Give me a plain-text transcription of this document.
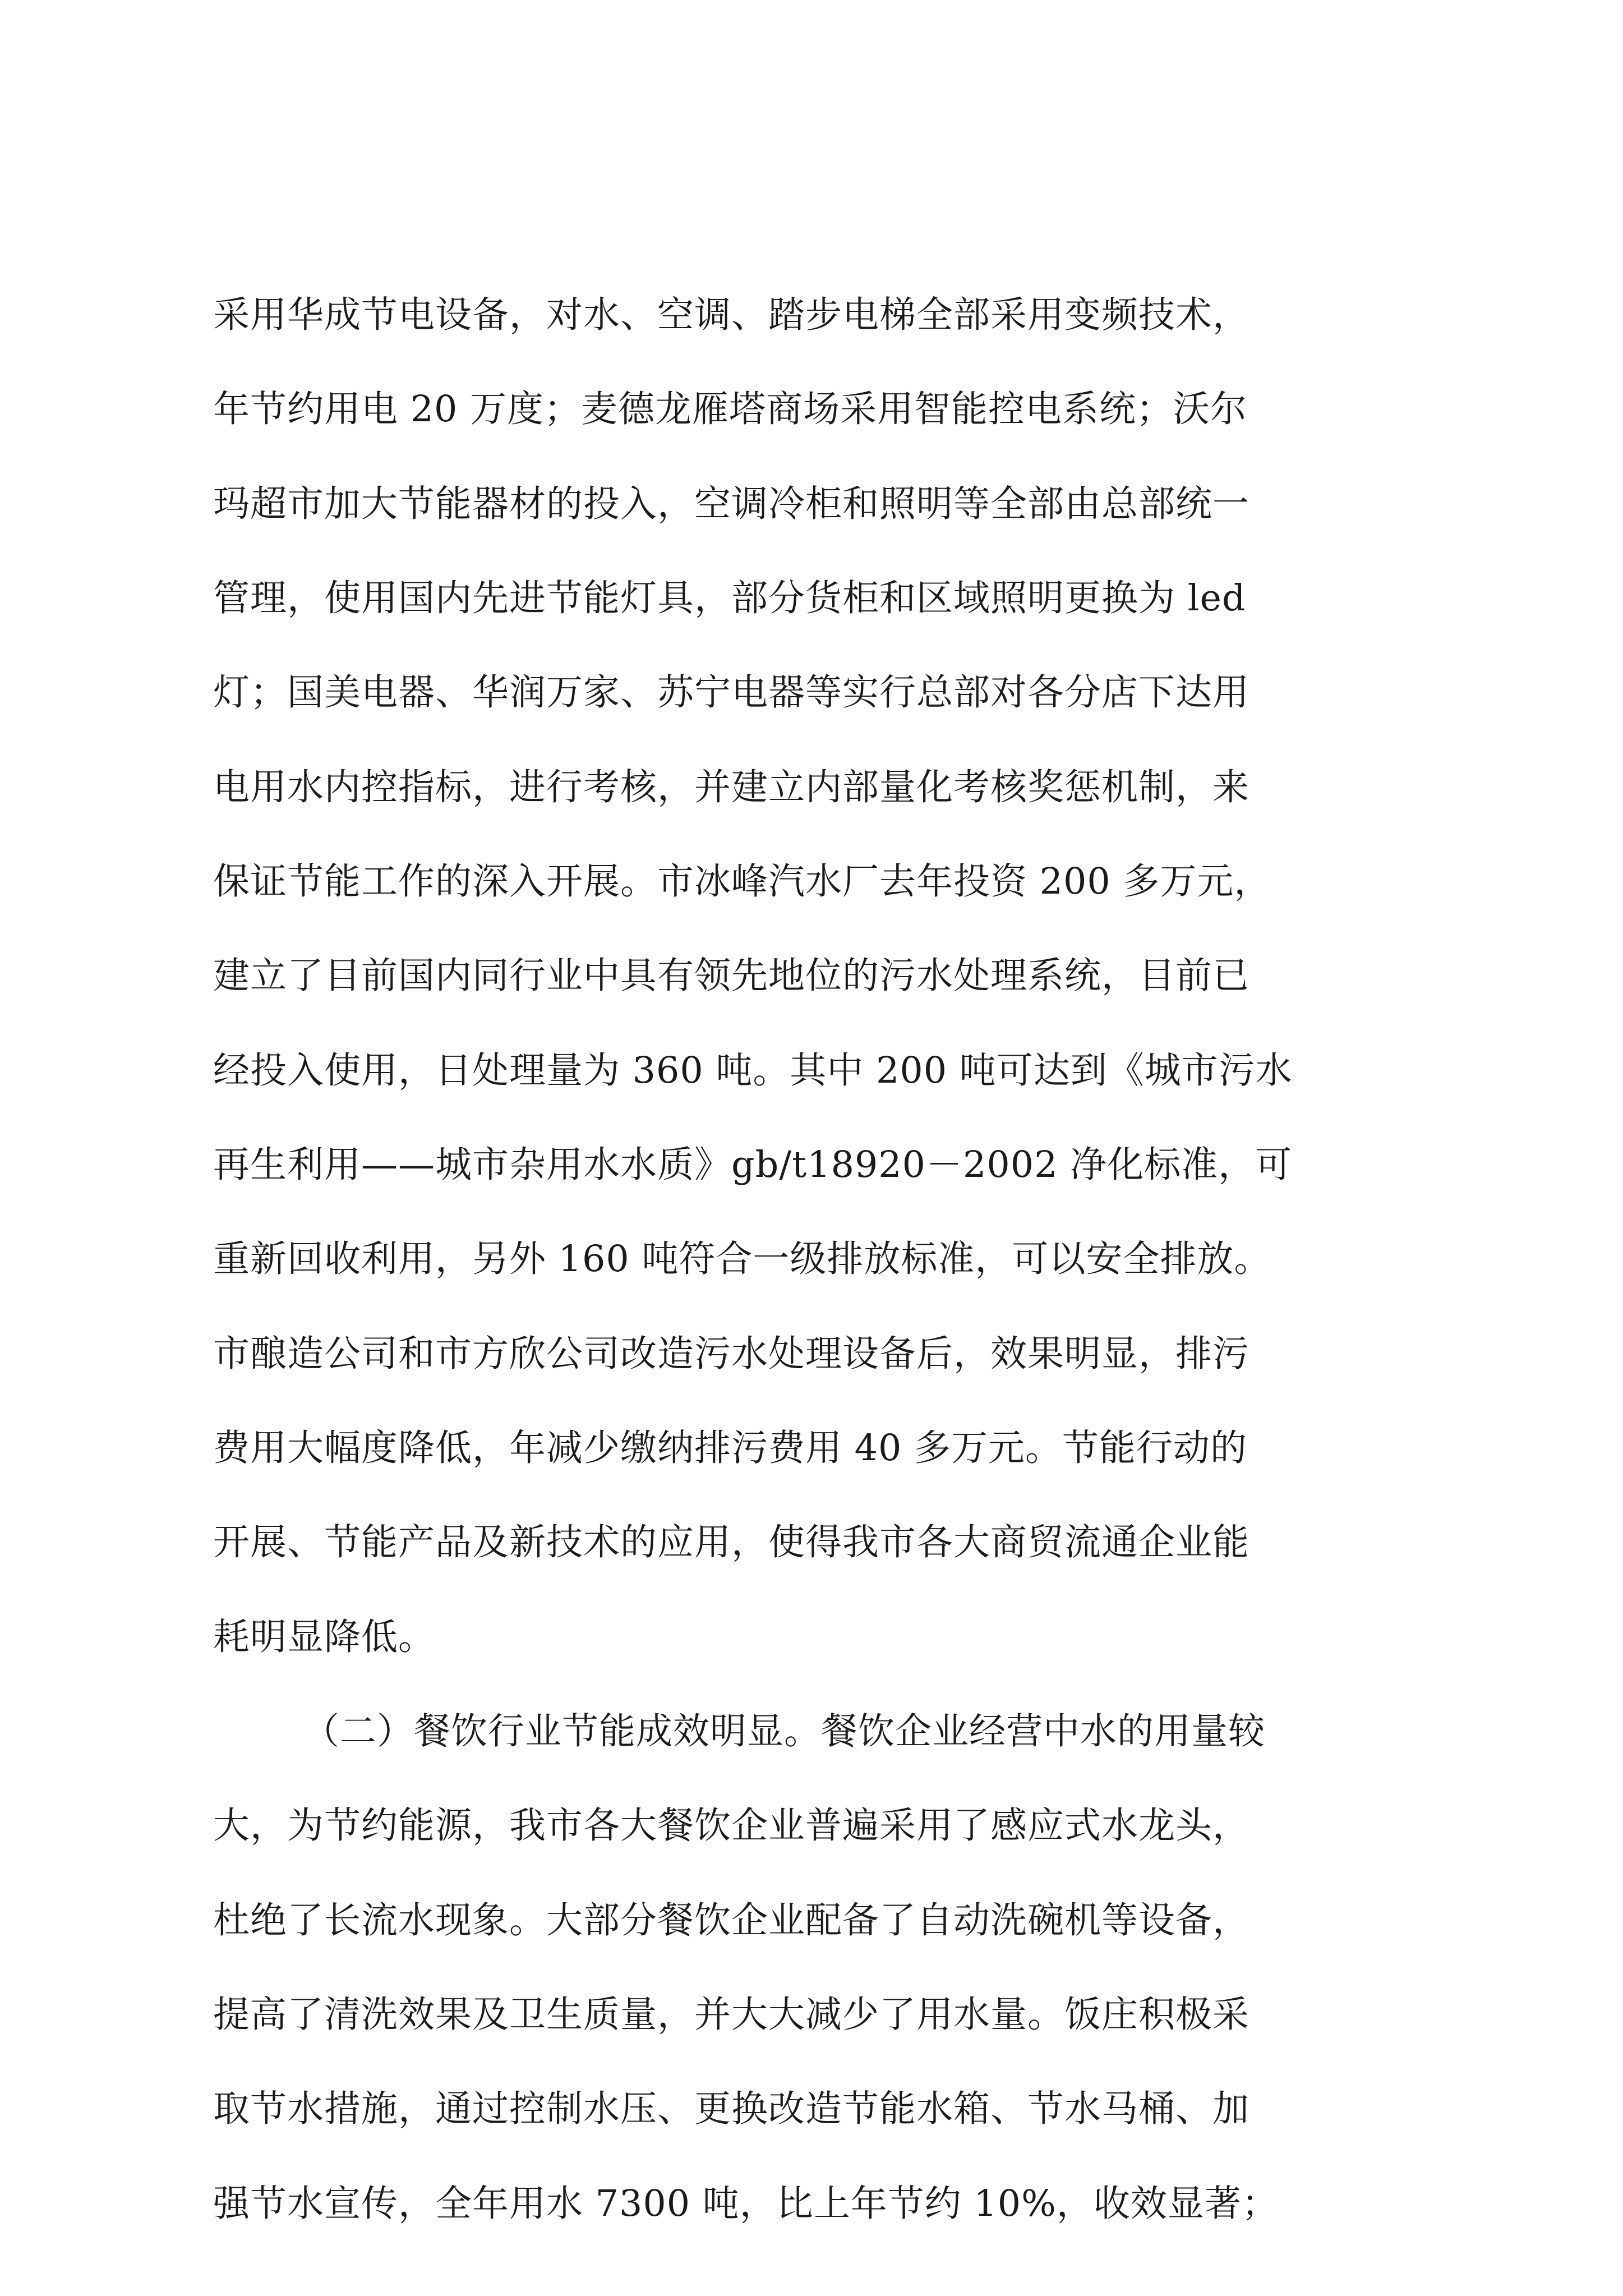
采用华成节电设备，对水、空调、踏步电梯全部采用变频技术，
年节约用电 20 万度；麦德龙雁塔商场采用智能控电系统；沃尔
玛超市加大节能器材的投入，空调冷柜和照明等全部由总部统一
管理，使用国内先进节能灯具，部分货柜和区域照明更换为 led
灯；国美电器、华润万家、苏宁电器等实行总部对各分店下达用
电用水内控指标，进行考核，并建立内部量化考核奖惩机制，来
保证节能工作的深入开展。市冰峰汽水厂去年投资 200 多万元，
建立了目前国内同行业中具有领先地位的污水处理系统，目前已
经投入使用，日处理量为 360 吨。其中 200 吨可达到《城市污水
再生利用——城市杂用水水质》gb/t18920－2002 净化标准，可
重新回收利用，另外 160 吨符合一级排放标准，可以安全排放。
市酿造公司和市方欣公司改造污水处理设备后，效果明显，排污
费用大幅度降低，年减少缴纳排污费用 40 多万元。节能行动的
开展、节能产品及新技术的应用，使得我市各大商贸流通企业能
耗明显降低。
（二）餐饮行业节能成效明显。餐饮企业经营中水的用量较
大，为节约能源，我市各大餐饮企业普遍采用了感应式水龙头，
杜绝了长流水现象。大部分餐饮企业配备了自动洗碗机等设备，
提高了清洗效果及卫生质量，并大大减少了用水量。饭庄积极采
取节水措施，通过控制水压、更换改造节能水箱、节水马桶、加
强节水宣传，全年用水 7300 吨，比上年节约 10%，收效显著；
